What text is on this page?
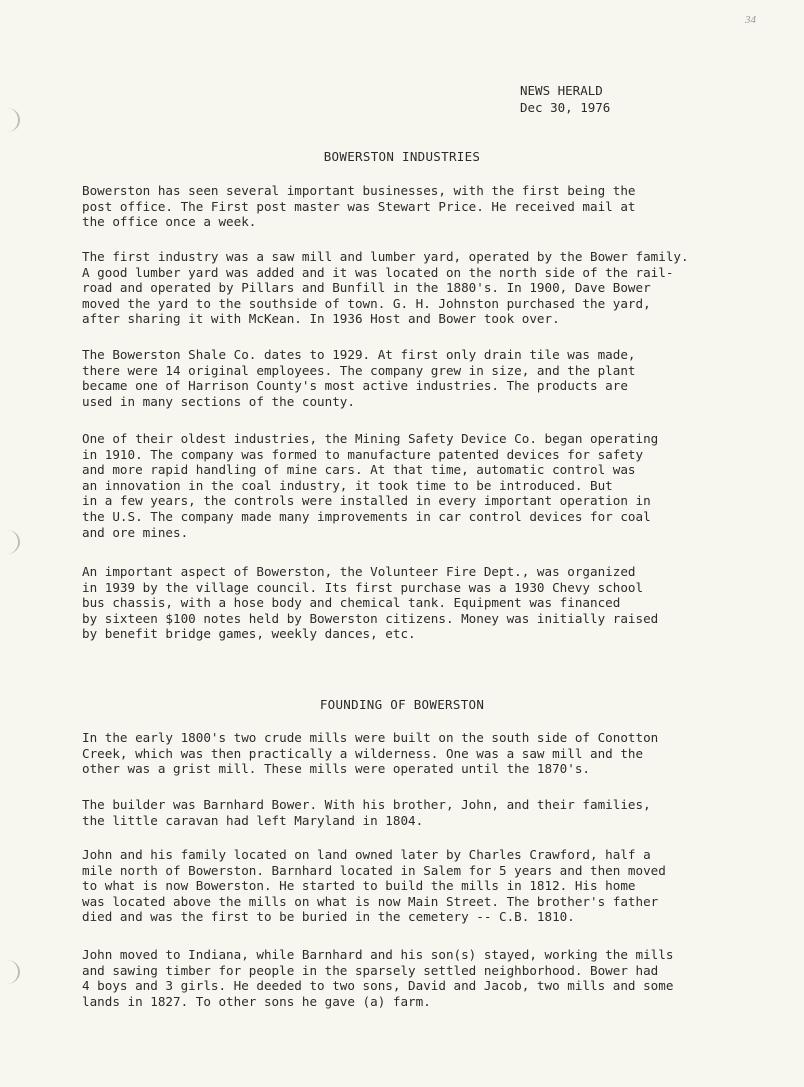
34
NEWS HERALD
Dec 30, 1976
BOWERSTON INDUSTRIES
Bowerston has seen several important businesses, with the first being the
post office. The First post master was Stewart Price. He received mail at
the office once a week.
The first industry was a saw mill and lumber yard, operated by the Bower family.
A good lumber yard was added and it was located on the north side of the rail-
road and operated by Pillars and Bunfill in the 1880's. In 1900, Dave Bower
moved the yard to the southside of town. G. H. Johnston purchased the yard,
after sharing it with McKean. In 1936 Host and Bower took over.
The Bowerston Shale Co. dates to 1929. At first only drain tile was made,
there were 14 original employees. The company grew in size, and the plant
became one of Harrison County's most active industries. The products are
used in many sections of the county.
One of their oldest industries, the Mining Safety Device Co. began operating
in 1910. The company was formed to manufacture patented devices for safety
and more rapid handling of mine cars. At that time, automatic control was
an innovation in the coal industry, it took time to be introduced. But
in a few years, the controls were installed in every important operation in
the U.S. The company made many improvements in car control devices for coal
and ore mines.
An important aspect of Bowerston, the Volunteer Fire Dept., was organized
in 1939 by the village council. Its first purchase was a 1930 Chevy school
bus chassis, with a hose body and chemical tank. Equipment was financed
by sixteen $100 notes held by Bowerston citizens. Money was initially raised
by benefit bridge games, weekly dances, etc.
FOUNDING OF BOWERSTON
In the early 1800's two crude mills were built on the south side of Conotton
Creek, which was then practically a wilderness. One was a saw mill and the
other was a grist mill. These mills were operated until the 1870's.
The builder was Barnhard Bower. With his brother, John, and their families,
the little caravan had left Maryland in 1804.
John and his family located on land owned later by Charles Crawford, half a
mile north of Bowerston. Barnhard located in Salem for 5 years and then moved
to what is now Bowerston. He started to build the mills in 1812. His home
was located above the mills on what is now Main Street. The brother's father
died and was the first to be buried in the cemetery -- C.B. 1810.
John moved to Indiana, while Barnhard and his son(s) stayed, working the mills
and sawing timber for people in the sparsely settled neighborhood. Bower had
4 boys and 3 girls. He deeded to two sons, David and Jacob, two mills and some
lands in 1827. To other sons he gave (a) farm.
